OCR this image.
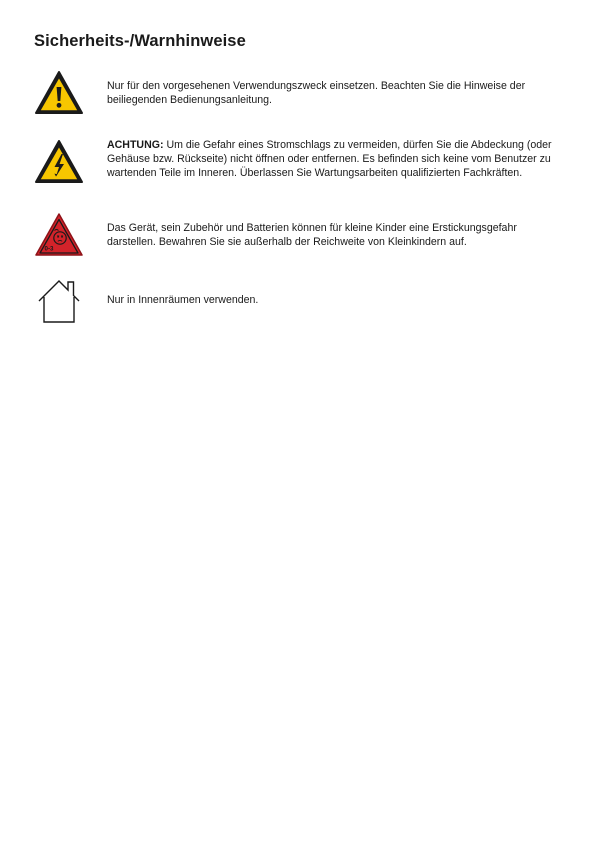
Sicherheits-/Warnhinweise

Nur für den vorgesehenen Verwendungszweck einsetzen. Beachten Sie die Hinweise der beiliegenden Bedienungsanleitung.

ACHTUNG: Um die Gefahr eines Stromschlags zu vermeiden, dürfen Sie die Abdeckung (oder Gehäuse bzw. Rückseite) nicht öffnen oder entfernen. Es befinden sich keine vom Benutzer zu wartenden Teile im Inneren. Überlassen Sie Wartungsarbeiten qualifizierten Fachkräften.

0-3

Das Gerät, sein Zubehör und Batterien können für kleine Kinder eine Erstickungsgefahr darstellen. Bewahren Sie sie außerhalb der Reichweite von Kleinkindern auf.

Nur in Innenräumen verwenden.
